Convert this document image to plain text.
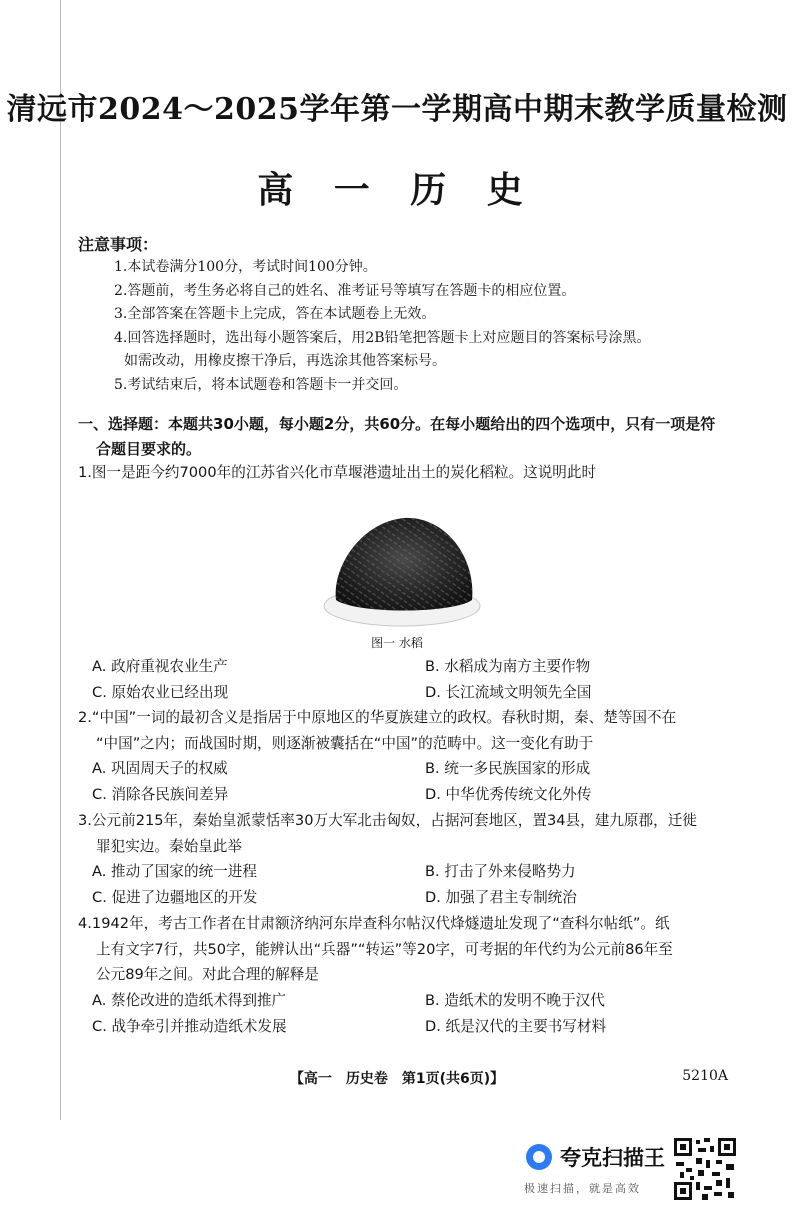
清远市2024～2025学年第一学期高中期末教学质量检测
高 一 历 史
注意事项：
1.本试卷满分100分，考试时间100分钟。
2.答题前，考生务必将自己的姓名、准考证号等填写在答题卡的相应位置。
3.全部答案在答题卡上完成，答在本试题卷上无效。
4.回答选择题时，选出每小题答案后，用2B铅笔把答题卡上对应题目的答案标号涂黑。
如需改动，用橡皮擦干净后，再选涂其他答案标号。
5.考试结束后，将本试题卷和答题卡一并交回。
一、选择题：本题共30小题，每小题2分，共60分。在每小题给出的四个选项中，只有一项是符
合题目要求的。
1.图一是距今约7000年的江苏省兴化市草堰港遗址出土的炭化稻粒。这说明此时
图一 水稻
A. 政府重视农业生产	B. 水稻成为南方主要作物
C. 原始农业已经出现	D. 长江流域文明领先全国
2.“中国”一词的最初含义是指居于中原地区的华夏族建立的政权。春秋时期，秦、楚等国不在
“中国”之内；而战国时期，则逐渐被囊括在“中国”的范畴中。这一变化有助于
A. 巩固周天子的权威	B. 统一多民族国家的形成
C. 消除各民族间差异	D. 中华优秀传统文化外传
3.公元前215年，秦始皇派蒙恬率30万大军北击匈奴，占据河套地区，置34县，建九原郡，迁徙
罪犯实边。秦始皇此举
A. 推动了国家的统一进程	B. 打击了外来侵略势力
C. 促进了边疆地区的开发	D. 加强了君主专制统治
4.1942年，考古工作者在甘肃额济纳河东岸查科尔帖汉代烽燧遗址发现了“查科尔帖纸”。纸
上有文字7行，共50字，能辨认出“兵器”“转运”等20字，可考据的年代约为公元前86年至
公元89年之间。对此合理的解释是
A. 蔡伦改进的造纸术得到推广	B. 造纸术的发明不晚于汉代
C. 战争牵引并推动造纸术发展	D. 纸是汉代的主要书写材料
【高一　历史卷　第1页(共6页)】	5210A
夸克扫描王
极速扫描，就是高效
